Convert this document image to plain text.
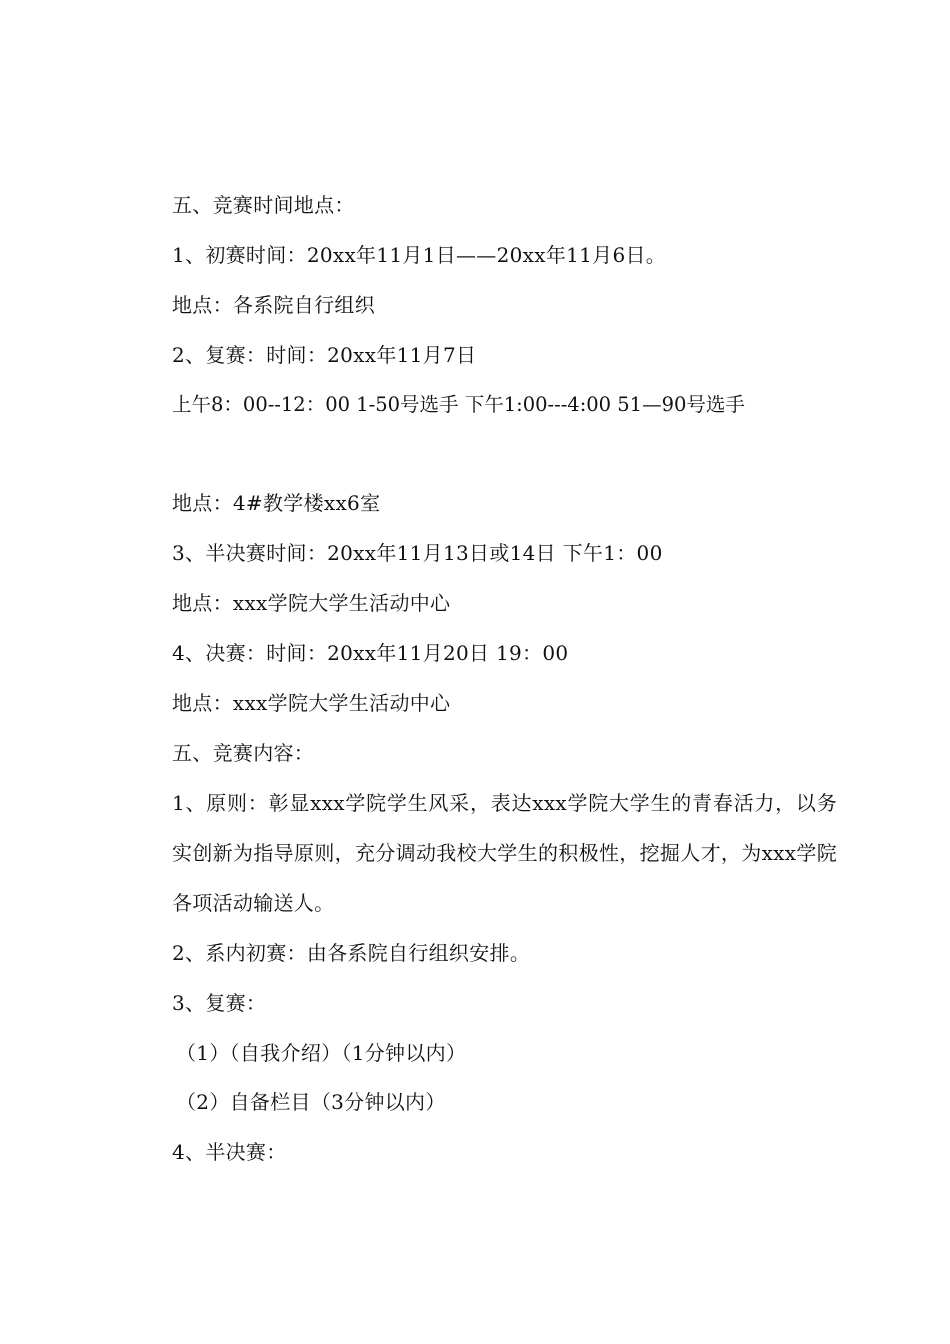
五、竞赛时间地点：
1、初赛时间：20xx年11月1日——20xx年11月6日。
地点：各系院自行组织
2、复赛：时间：20xx年11月7日
上午8：00--12：00 1-50号选手 下午1:00---4:00 51—90号选手
地点：4#教学楼xx6室
3、半决赛时间：20xx年11月13日或14日 下午1：00
地点：xxx学院大学生活动中心
4、决赛：时间：20xx年11月20日 19：00
地点：xxx学院大学生活动中心
五、竞赛内容：
1、原则：彰显xxx学院学生风采，表达xxx学院大学生的青春活力，以务实创新为指导原则，充分调动我校大学生的积极性，挖掘人才，为xxx学院各项活动输送人。
2、系内初赛：由各系院自行组织安排。
3、复赛：
（1）（自我介绍）（1分钟以内）
（2）自备栏目（3分钟以内）
4、半决赛：
